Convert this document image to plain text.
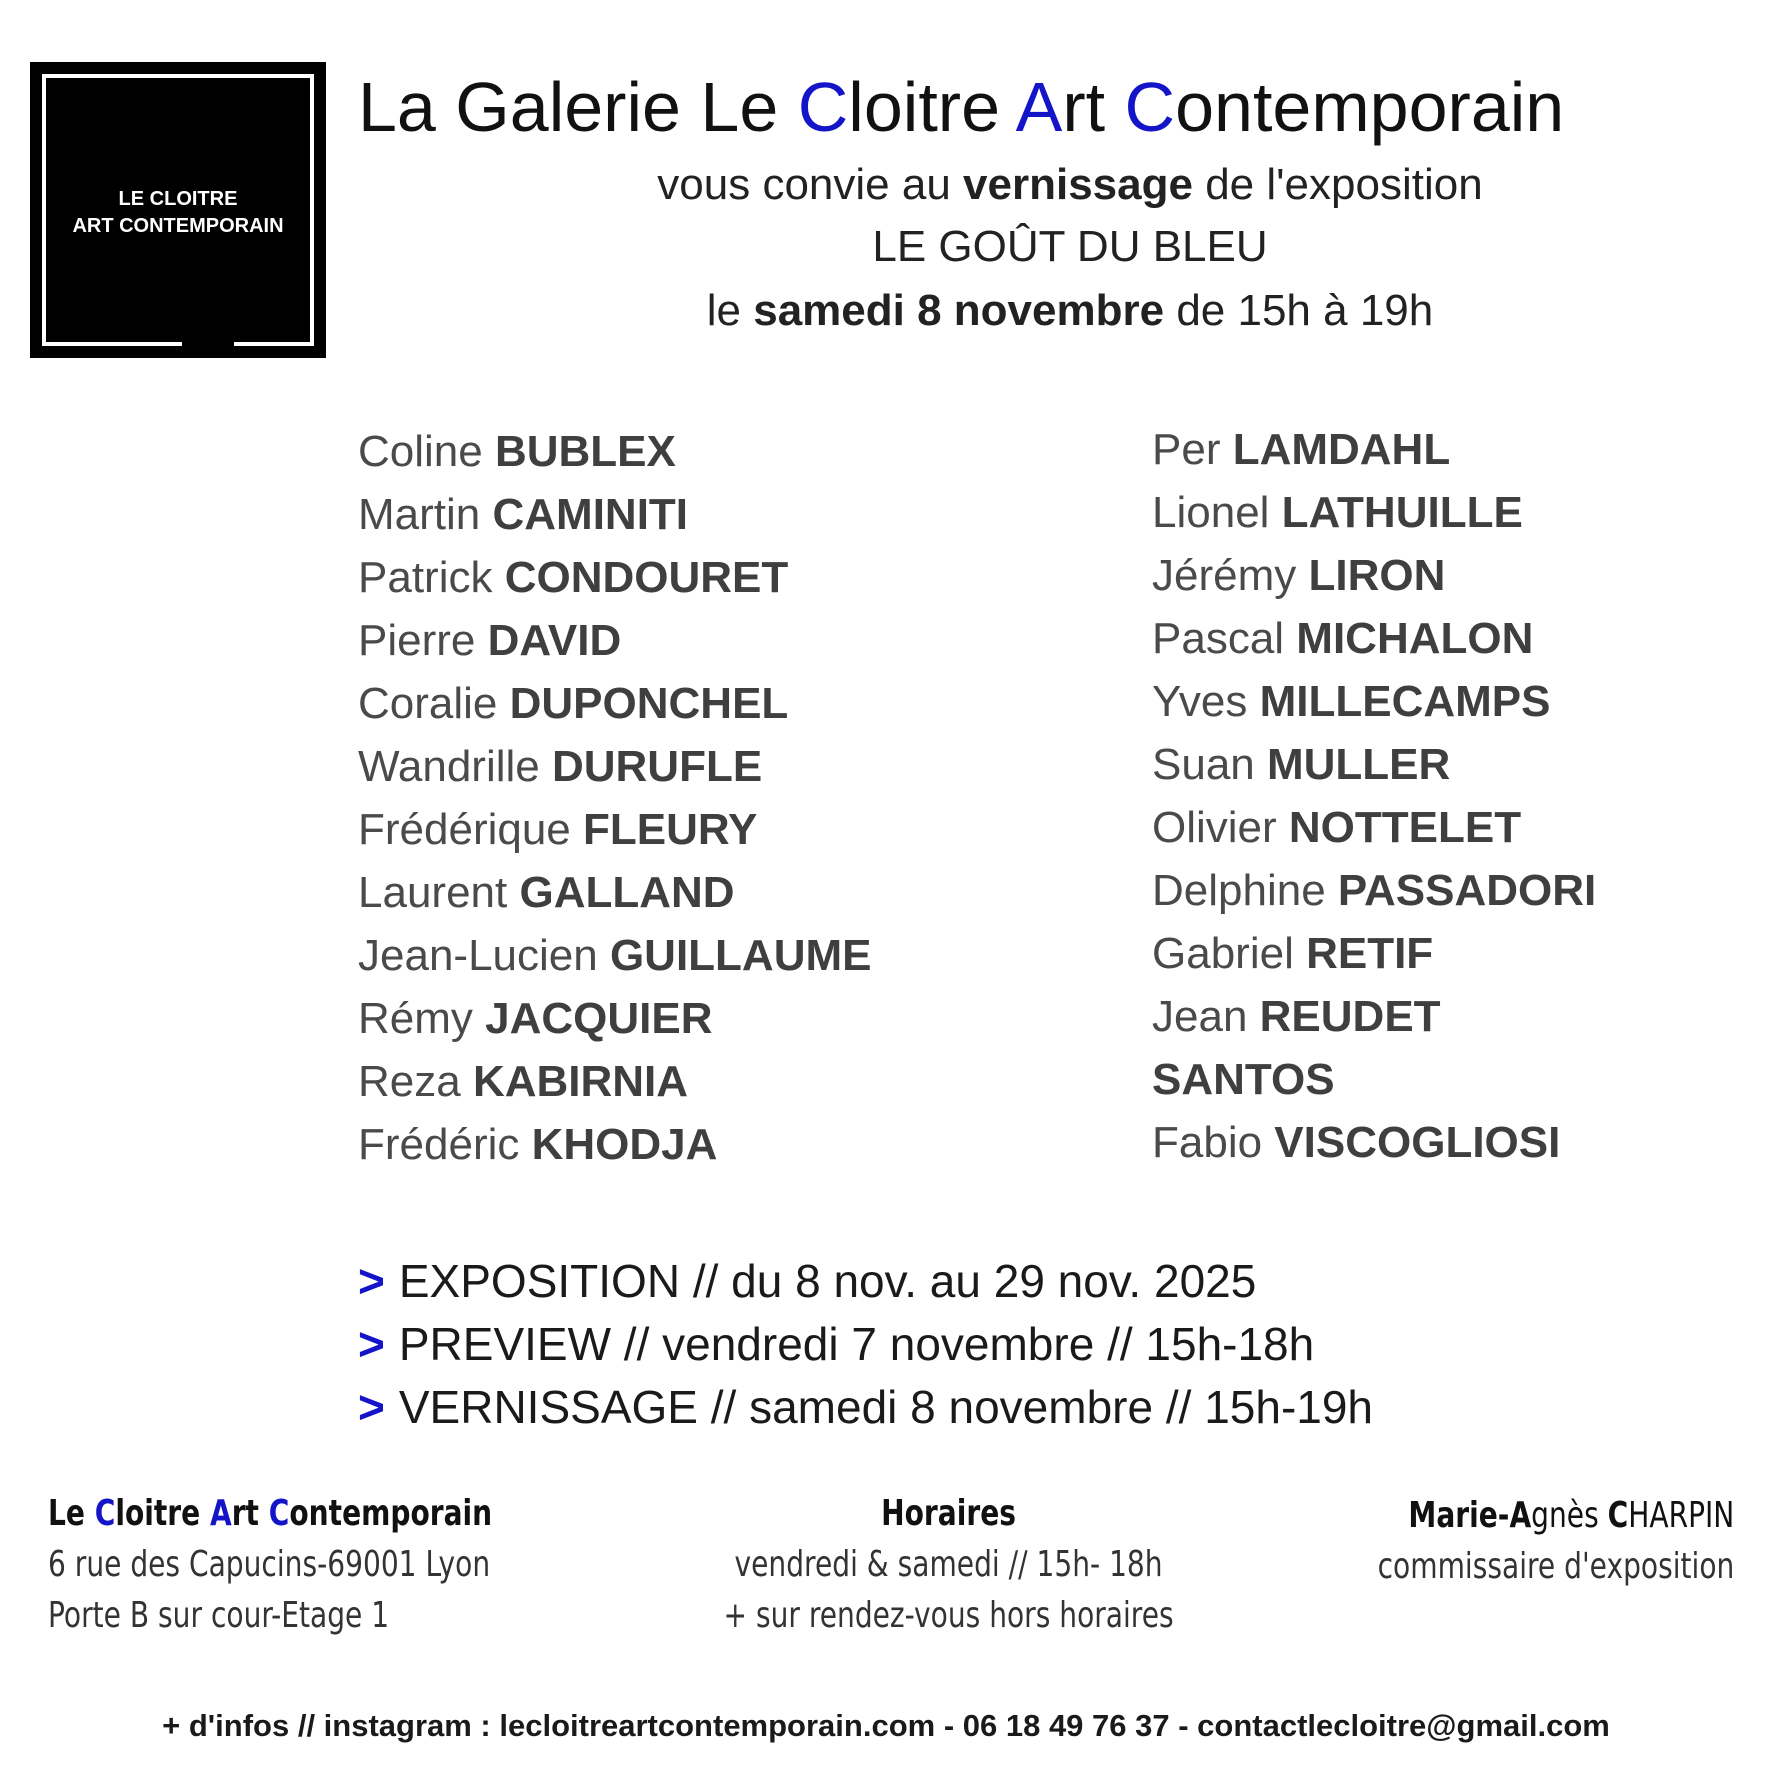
LE CLOITRE
ART CONTEMPORAIN
La Galerie Le Cloitre Art Contemporain
vous convie au vernissage de l'exposition
LE GOÛT DU BLEU
le samedi 8 novembre de 15h à 19h
Coline BUBLEX
Martin CAMINITI
Patrick CONDOURET
Pierre DAVID
Coralie DUPONCHEL
Wandrille DURUFLE
Frédérique FLEURY
Laurent GALLAND
Jean-Lucien GUILLAUME
Rémy JACQUIER
Reza KABIRNIA
Frédéric KHODJA
Per LAMDAHL
Lionel LATHUILLE
Jérémy LIRON
Pascal MICHALON
Yves MILLECAMPS
Suan MULLER
Olivier NOTTELET
Delphine PASSADORI
Gabriel RETIF
Jean REUDET
SANTOS
Fabio VISCOGLIOSI
> EXPOSITION // du 8 nov. au 29 nov. 2025
> PREVIEW // vendredi 7 novembre // 15h-18h
> VERNISSAGE // samedi 8 novembre // 15h-19h
Le Cloitre Art Contemporain
6 rue des Capucins-69001 Lyon
Porte B sur cour-Etage 1
Horaires
vendredi & samedi // 15h- 18h
+ sur rendez-vous hors horaires
Marie-Agnès CHARPIN
commissaire d'exposition
+ d'infos // instagram : lecloitreartcontemporain.com - 06 18 49 76 37 - contactlecloitre@gmail.com
